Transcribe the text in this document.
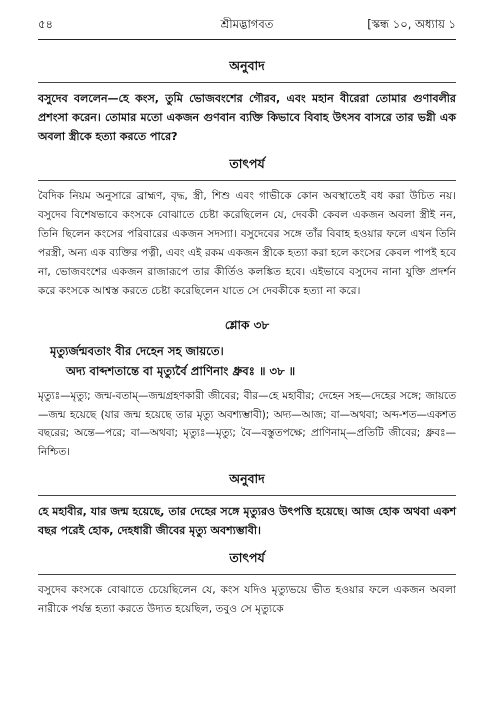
৫৪	শ্রীমদ্ভাগবত	[স্কন্ধ ১০, অধ্যায় ১
অনুবাদ

বসুদেব বললেন—হে কংস, তুমি ভোজবংশের গৌরব, এবং মহান বীরেরা তোমার গুণাবলীর প্রশংসা করেন। তোমার মতো একজন গুণবান ব্যক্তি কিভাবে বিবাহ উৎসব বাসরে তার ভগ্নী এক অবলা স্ত্রীকে হত্যা করতে পারে?

তাৎপর্য

বৈদিক নিয়ম অনুসারে ব্রাহ্মণ, বৃদ্ধ, স্ত্রী, শিশু এবং গাভীকে কোন অবস্থাতেই বধ করা উচিত নয়। বসুদেব বিশেষভাবে কংসকে বোঝাতে চেষ্টা করেছিলেন যে, দেবকী কেবল একজন অবলা স্ত্রীই নন, তিনি ছিলেন কংসের পরিবারের একজন সদস্যা। বসুদেবের সঙ্গে তাঁর বিবাহ হওয়ার ফলে এখন তিনি পরস্ত্রী, অন্য এক ব্যক্তির পত্নী, এবং এই রকম একজন স্ত্রীকে হত্যা করা হলে কংসের কেবল পাপই হবে না, ভোজবংশের একজন রাজারূপে তার কীর্তিও কলঙ্কিত হবে। এইভাবে বসুদেব নানা যুক্তি প্রদর্শন করে কংসকে আশ্বস্ত করতে চেষ্টা করেছিলেন যাতে সে দেবকীকে হত্যা না করে।

শ্লোক ৩৮
মৃত্যুর্জন্মবতাং বীর দেহেন সহ জায়তে।
অদ্য বাব্দশতান্তে বা মৃত্যুর্বৈ প্রাণিনাং ধ্রুবঃ ॥ ৩৮ ॥

মৃত্যুঃ—মৃত্যু; জন্ম-বতাম্—জন্মগ্রহণকারী জীবের; বীর—হে মহাবীর; দেহেন সহ—দেহের সঙ্গে; জায়তে—জন্ম হয়েছে (যার জন্ম হয়েছে তার মৃত্যু অবশ্যম্ভাবী); অদ্য—আজ; বা—অথবা; অব্দ-শত—একশত বছরের; অন্তে—পরে; বা—অথবা; মৃত্যুঃ—মৃত্যু; বৈ—বস্তুতপক্ষে; প্রাণিনাম্—প্রতিটি জীবের; ধ্রুবঃ—নিশ্চিত।

অনুবাদ

হে মহাবীর, যার জন্ম হয়েছে, তার দেহের সঙ্গে মৃত্যুরও উৎপত্তি হয়েছে। আজ হোক অথবা একশ বছর পরেই হোক, দেহধারী জীবের মৃত্যু অবশ্যম্ভাবী।

তাৎপর্য

বসুদেব কংসকে বোঝাতে চেয়েছিলেন যে, কংস যদিও মৃত্যুভয়ে ভীত হওয়ার ফলে একজন অবলা নারীকে পর্যন্ত হত্যা করতে উদ্যত হয়েছিল, তবুও সে মৃত্যুকে
